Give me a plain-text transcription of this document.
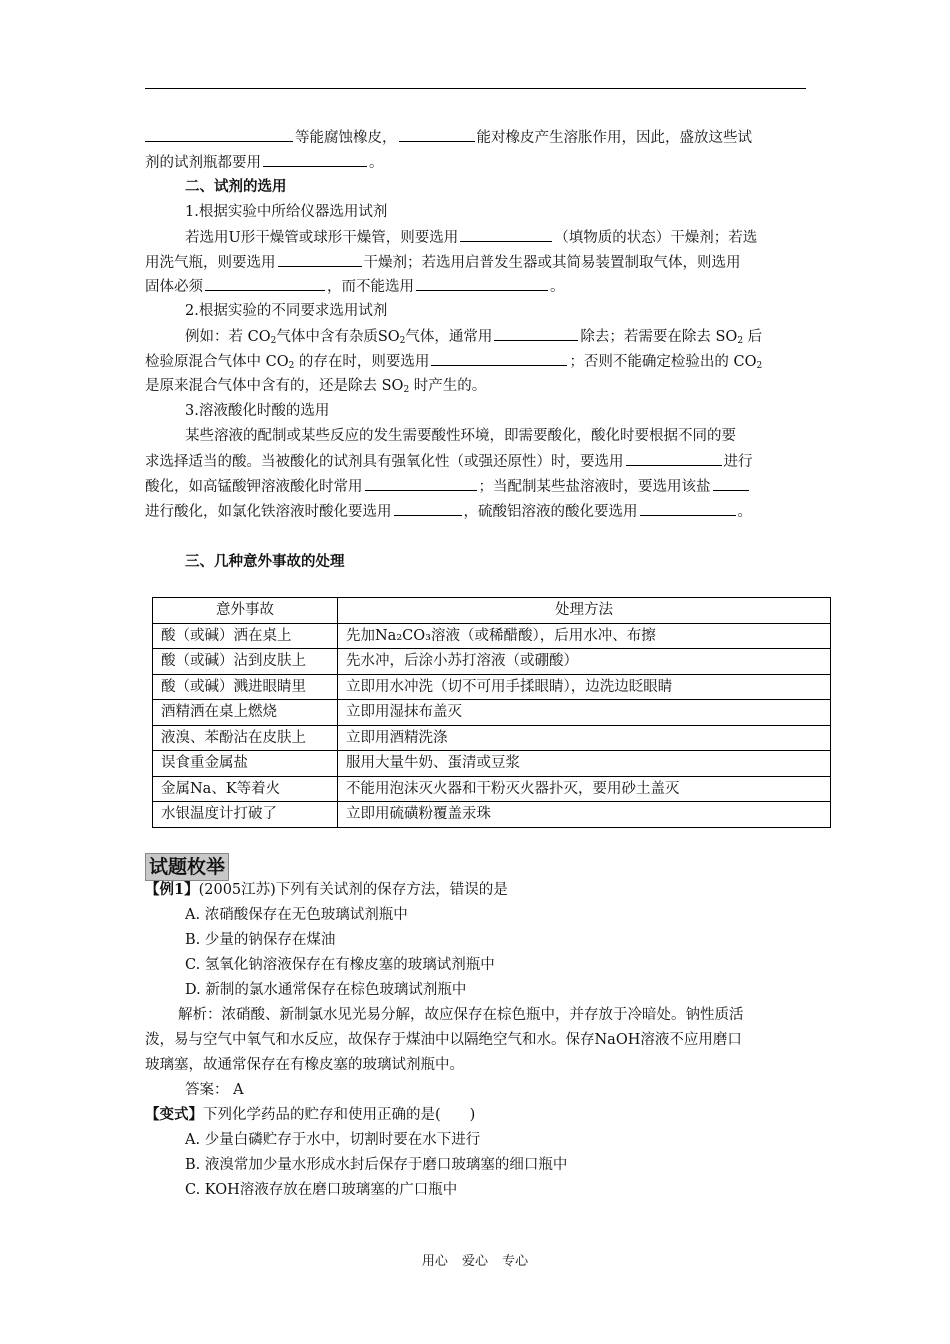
等能腐蚀橡皮，	能对橡皮产生溶胀作用，因此，盛放这些试
剂的试剂瓶都要用	。
二、试剂的选用
1.根据实验中所给仪器选用试剂
若选用U形干燥管或球形干燥管，则要选用	（填物质的状态）干燥剂；若选
用洗气瓶，则要选用	干燥剂；若选用启普发生器或其简易装置制取气体，则选用
固体必须	，而不能选用	。
2.根据实验的不同要求选用试剂
例如：若 $CO_2$气体中含有杂质$SO_2$气体，通常用	除去；若需要在除去 $SO_2$ 后
检验原混合气体中 $CO_2$ 的存在时，则要选用	；否则不能确定检验出的 $CO_2$
是原来混合气体中含有的，还是除去 $SO_2$ 时产生的。
3.溶液酸化时酸的选用
某些溶液的配制或某些反应的发生需要酸性环境，即需要酸化，酸化时要根据不同的要
求选择适当的酸。当被酸化的试剂具有强氧化性（或强还原性）时，要选用	进行
酸化，如高锰酸钾溶液酸化时常用	；当配制某些盐溶液时，要选用该盐
进行酸化，如氯化铁溶液时酸化要选用	，硫酸铝溶液的酸化要选用	。
三、几种意外事故的处理
意外事故	处理方法
酸（或碱）洒在桌上	先加Na₂CO₃溶液（或稀醋酸），后用水冲、布擦
酸（或碱）沾到皮肤上	先水冲，后涂小苏打溶液（或硼酸）
酸（或碱）溅进眼睛里	立即用水冲洗（切不可用手揉眼睛），边洗边眨眼睛
酒精洒在桌上燃烧	立即用湿抹布盖灭
液溴、苯酚沾在皮肤上	立即用酒精洗涤
误食重金属盐	服用大量牛奶、蛋清或豆浆
金属Na、K等着火	不能用泡沫灭火器和干粉灭火器扑灭，要用砂土盖灭
水银温度计打破了	立即用硫磺粉覆盖汞珠
试题枚举
【例1】(2005江苏)下列有关试剂的保存方法，错误的是
A. 浓硝酸保存在无色玻璃试剂瓶中
B. 少量的钠保存在煤油
C. 氢氧化钠溶液保存在有橡皮塞的玻璃试剂瓶中
D. 新制的氯水通常保存在棕色玻璃试剂瓶中
解析：浓硝酸、新制氯水见光易分解，故应保存在棕色瓶中，并存放于冷暗处。钠性质活
泼，易与空气中氧气和水反应，故保存于煤油中以隔绝空气和水。保存NaOH溶液不应用磨口
玻璃塞，故通常保存在有橡皮塞的玻璃试剂瓶中。
答案： A
【变式】下列化学药品的贮存和使用正确的是(　　)
A. 少量白磷贮存于水中，切割时要在水下进行
B. 液溴常加少量水形成水封后保存于磨口玻璃塞的细口瓶中
C. KOH溶液存放在磨口玻璃塞的广口瓶中
用心 爱心 专心
